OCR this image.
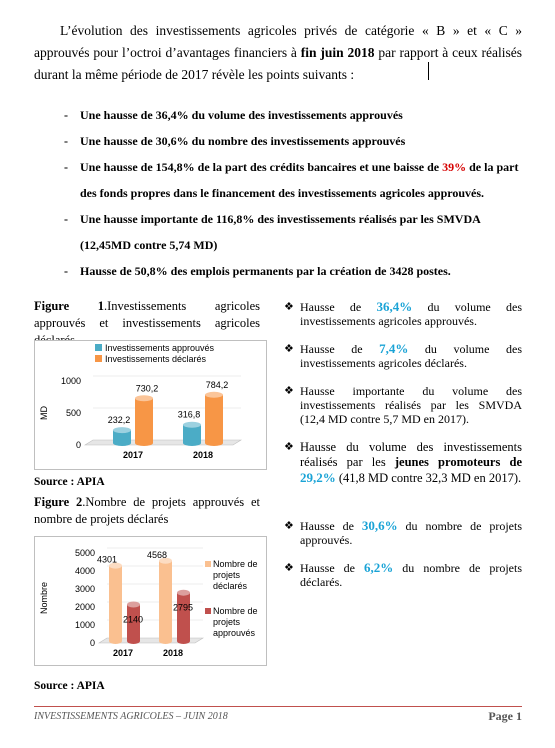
L’évolution des investissements agricoles privés de catégorie « B » et « C » approuvés pour l’octroi d’avantages financiers à fin juin 2018 par rapport à ceux réalisés durant la même période de 2017 révèle les points suivants :
- Une hausse de 36,4% du volume des investissements approuvés
- Une hausse de 30,6% du nombre des investissements approuvés
- Une hausse de 154,8% de la part des crédits bancaires et une baisse de 39% de la part des fonds propres dans le financement des investissements agricoles approuvés.
- Une hausse importante de 116,8% des investissements réalisés par les SMVDA (12,45MD contre 5,74 MD)
- Hausse de 50,8% des emplois permanents par la création de 3428 postes.
Figure 1.Investissements agricoles approuvés et investissements agricoles
0
500
1000
MD
232,2
730,2
2017
316,8
784,2
2018
Investissements approuvés
Investissements déclarés
Source : APIA
Figure 2.Nombre de projets approuvés et nombre de projets déclarés
0
1000
2000
3000
4000
5000
Nombre
4301
2140
2017
4568
2795
2018
Nombre de projets déclarés
Nombre de projets approuvés
Source : APIA
❖ Hausse de 36,4% du volume des investissements agricoles approuvés.
❖ Hausse de 7,4% du volume des investissements agricoles déclarés.
❖ Hausse importante du volume des investissements réalisés par les SMVDA (12,4 MD contre 5,7 MD en 2017).
❖ Hausse du volume des investissements réalisés par les jeunes promoteurs de 29,2% (41,8 MD contre 32,3 MD en 2017).
❖ Hausse de 30,6% du nombre de projets approuvés.
❖ Hausse de 6,2% du nombre de projets déclarés.
INVESTISSEMENTS AGRICOLES – JUIN 2018	Page 1
